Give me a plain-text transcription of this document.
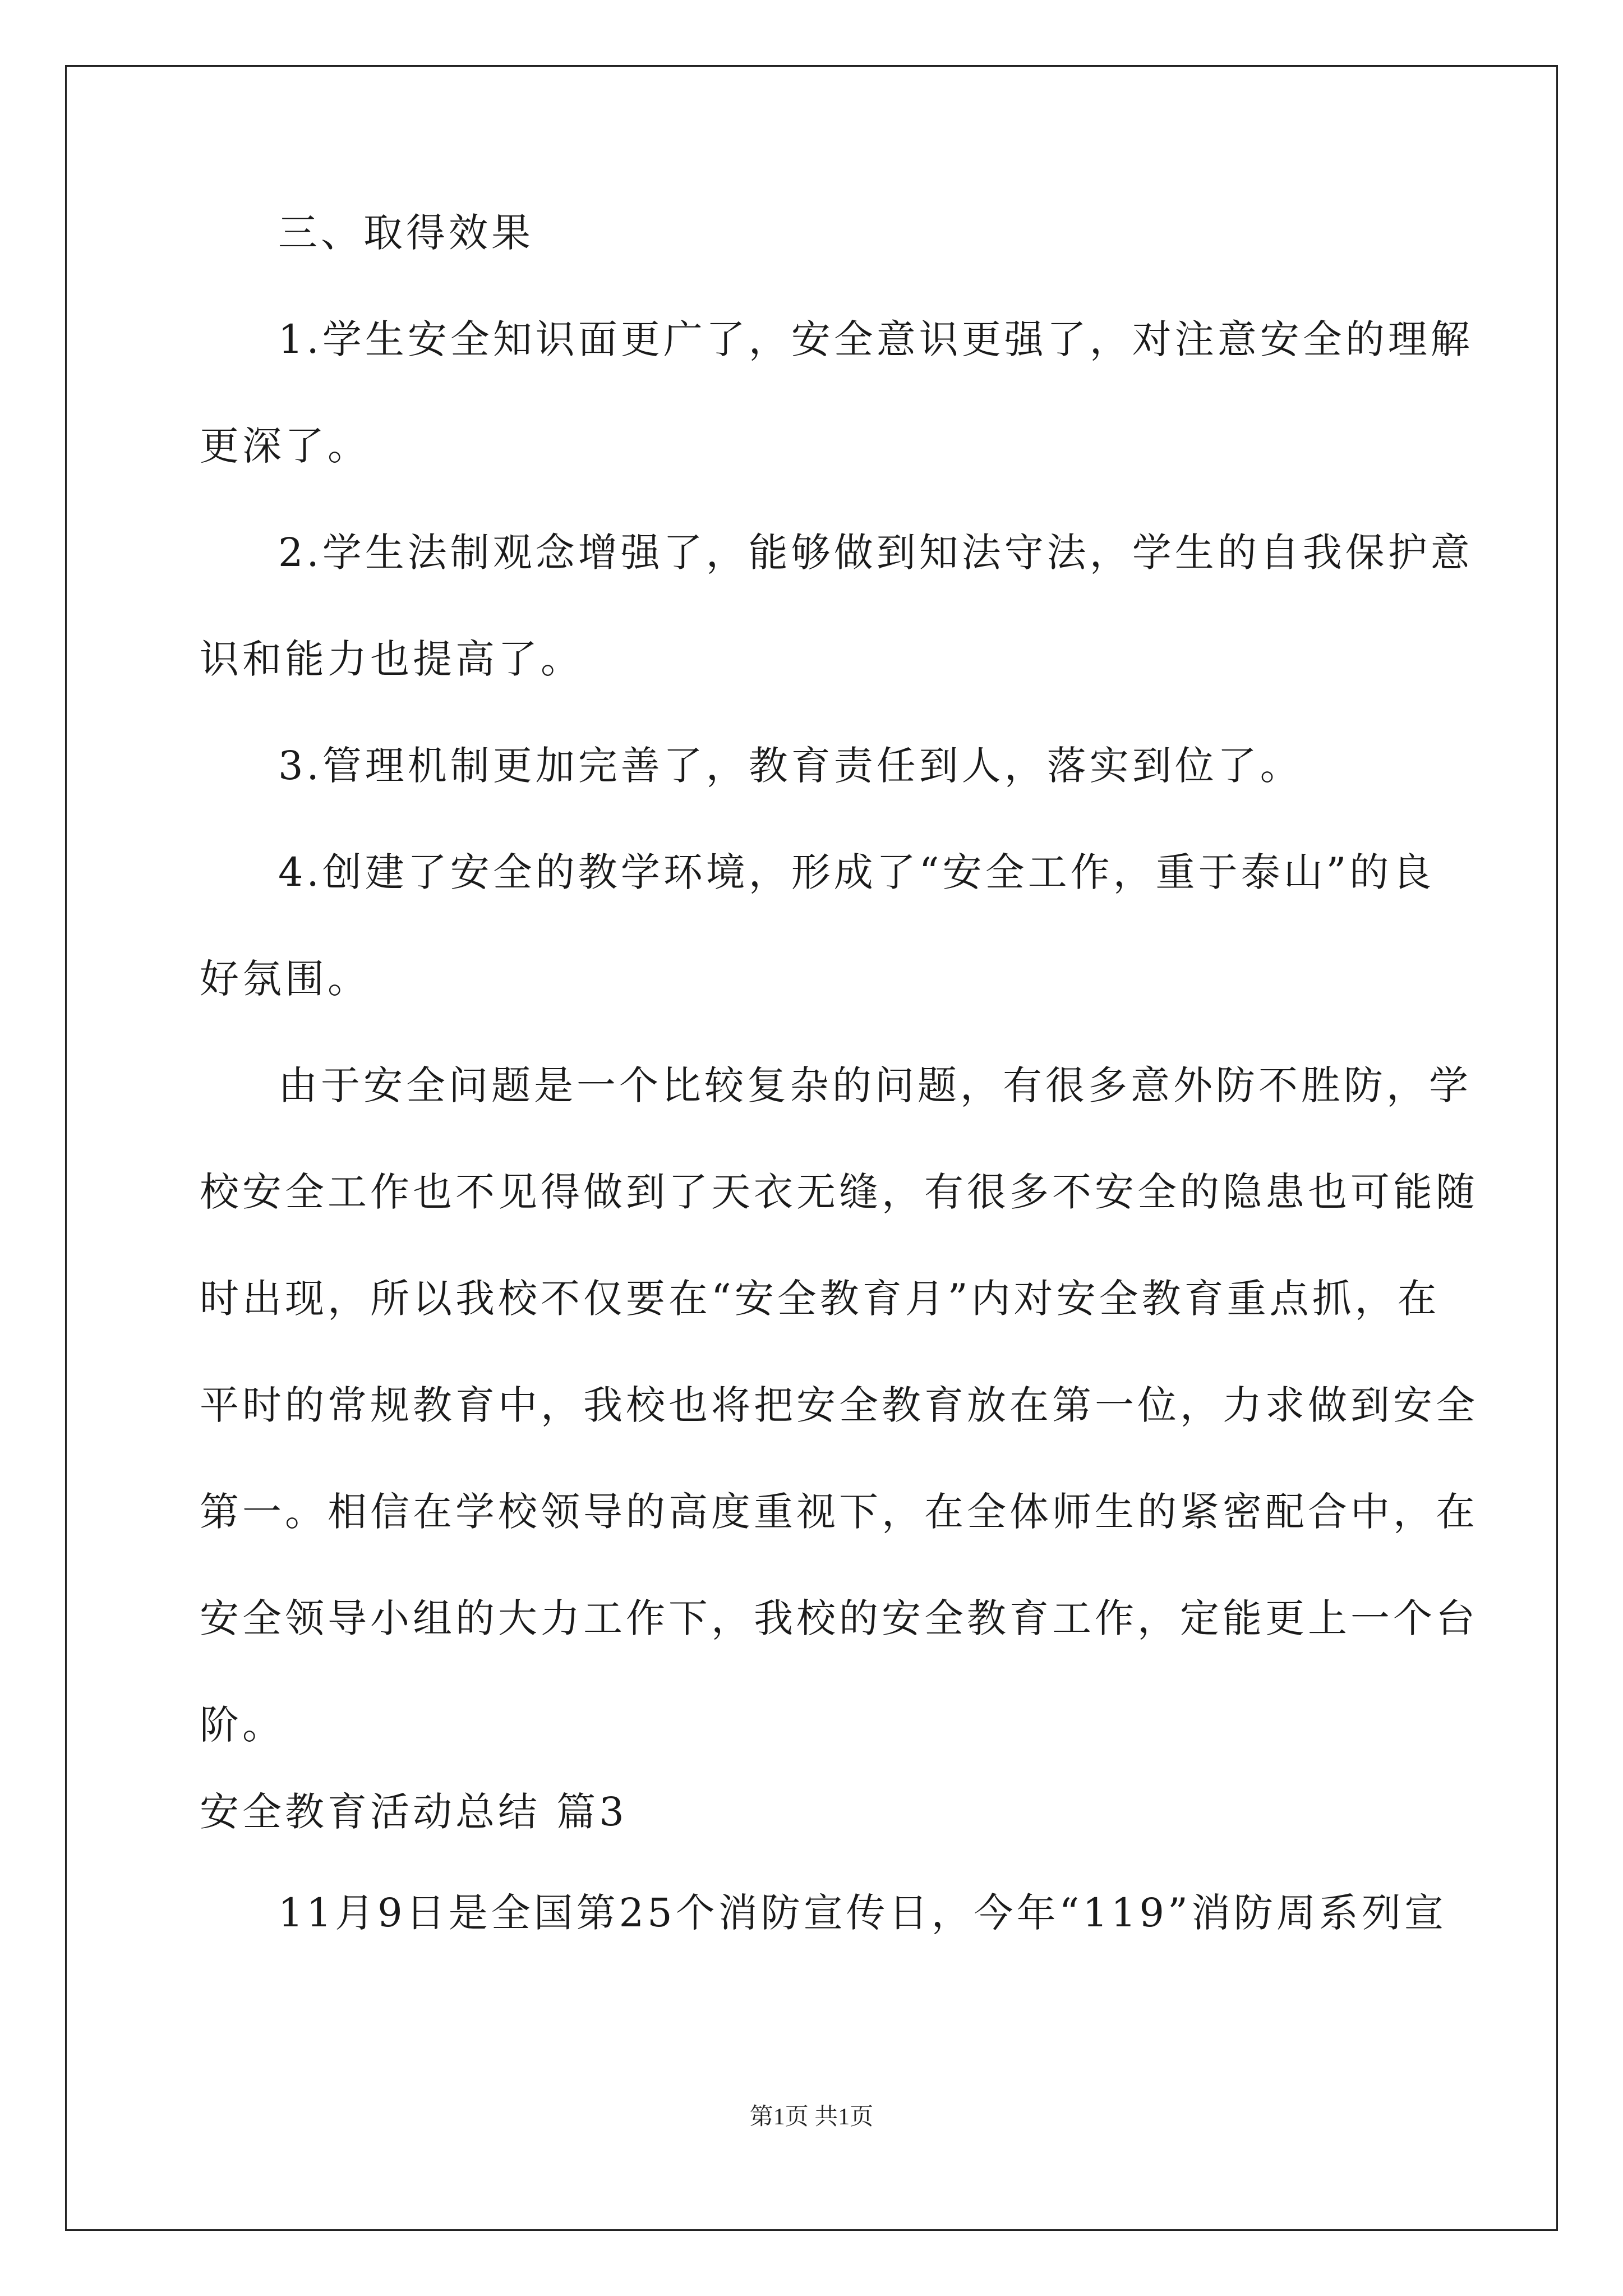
三、取得效果
1.学生安全知识面更广了，安全意识更强了，对注意安全的理解
更深了。
2.学生法制观念增强了，能够做到知法守法，学生的自我保护意
识和能力也提高了。
3.管理机制更加完善了，教育责任到人，落实到位了。
4.创建了安全的教学环境，形成了“安全工作，重于泰山”的良
好氛围。
由于安全问题是一个比较复杂的问题，有很多意外防不胜防，学
校安全工作也不见得做到了天衣无缝，有很多不安全的隐患也可能随
时出现，所以我校不仅要在“安全教育月”内对安全教育重点抓，在
平时的常规教育中，我校也将把安全教育放在第一位，力求做到安全
第一。相信在学校领导的高度重视下，在全体师生的紧密配合中，在
安全领导小组的大力工作下，我校的安全教育工作，定能更上一个台
阶。
安全教育活动总结 篇3
11月9日是全国第25个消防宣传日，今年“119”消防周系列宣
第1页 共1页
